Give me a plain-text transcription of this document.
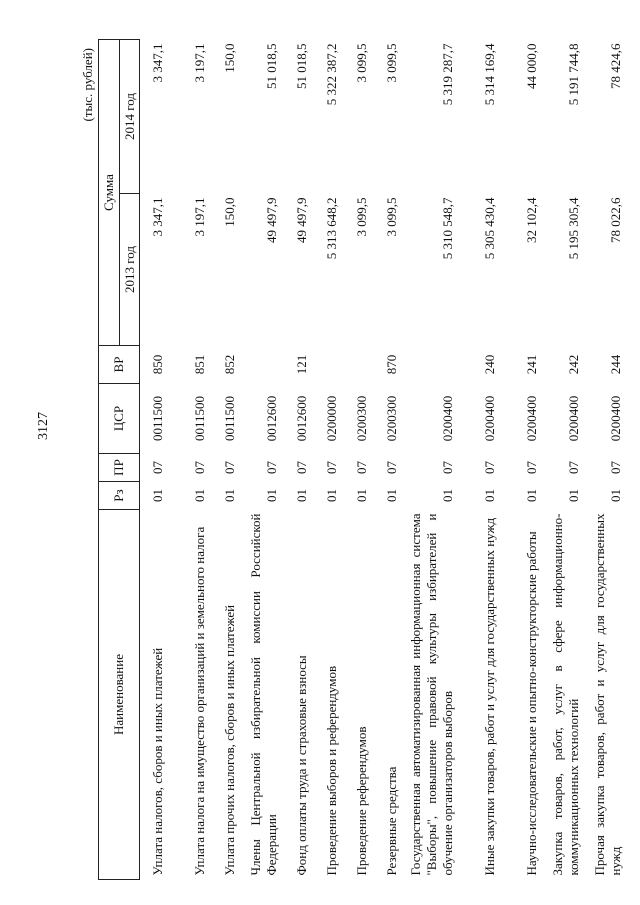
3127
(тыс. рублей)
Наименование	Рз	ПР	ЦСР	ВР	Сумма	
					2013 год	2014 год
Уплата налогов, сборов и иных платежей	01	07	0011500	850	3 347,1	3 347,1
Уплата налога на имущество организаций и земельного налога	01	07	0011500	851	3 197,1	3 197,1
Уплата прочих налогов, сборов и иных платежей	01	07	0011500	852	150,0	150,0
Члены Центральной избирательной комиссии Российской Федерации	01	07	0012600		49 497,9	51 018,5
Фонд оплаты труда и страховые взносы	01	07	0012600	121	49 497,9	51 018,5
Проведение выборов и референдумов	01	07	0200000		5 313 648,2	5 322 387,2
Проведение референдумов	01	07	0200300		3 099,5	3 099,5
Резервные средства	01	07	0200300	870	3 099,5	3 099,5
Государственная автоматизированная информационная система "Выборы", повышение правовой культуры избирателей и обучение организаторов выборов	01	07	0200400		5 310 548,7	5 319 287,7
Иные закупки товаров, работ и услуг для государственных нужд	01	07	0200400	240	5 305 430,4	5 314 169,4
Научно-исследовательские и опытно-конструкторские работы	01	07	0200400	241	32 102,4	44 000,0
Закупка товаров, работ, услуг в сфере информационно-коммуникационных технологий	01	07	0200400	242	5 195 305,4	5 191 744,8
Прочая закупка товаров, работ и услуг для государственных нужд	01	07	0200400	244	78 022,6	78 424,6
